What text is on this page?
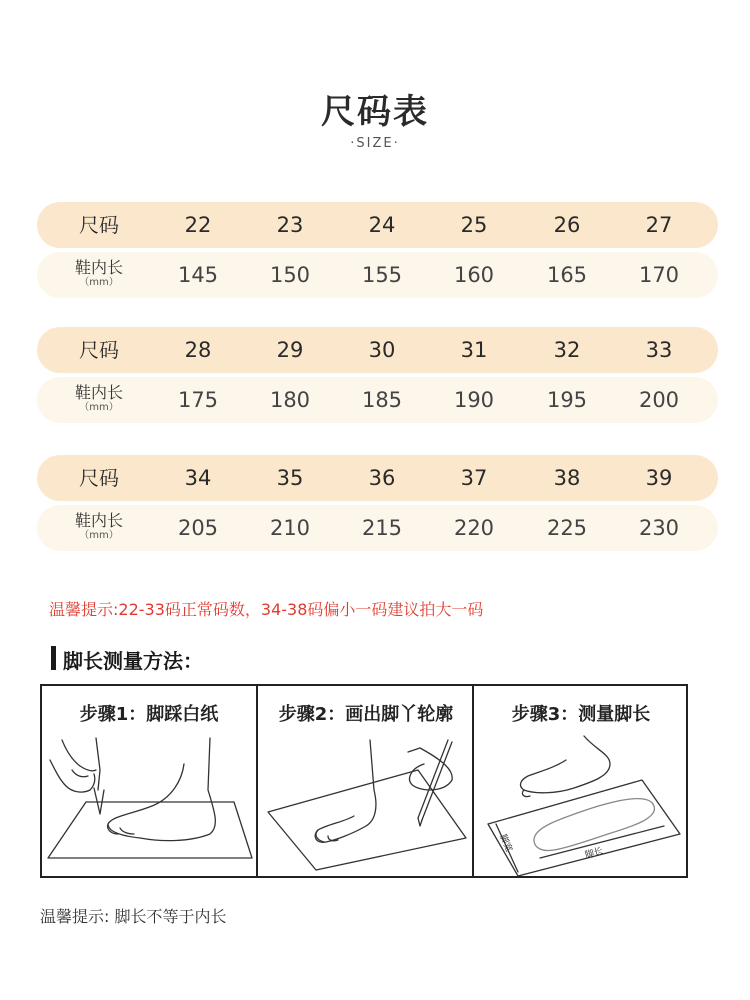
尺码表
·SIZE·
尺码	22	23	24	25	26	27
鞋内长
（mm）	145	150	155	160	165	170
尺码	28	29	30	31	32	33
鞋内长
（mm）	175	180	185	190	195	200
尺码	34	35	36	37	38	39
鞋内长
（mm）	205	210	215	220	225	230
温馨提示:22-33码正常码数，34-38码偏小一码建议拍大一码
脚长测量方法：
步骤1：脚踩白纸	步骤2：画出脚丫轮廓	步骤3：测量脚长
脚宽	脚长
温馨提示: 脚长不等于内长
